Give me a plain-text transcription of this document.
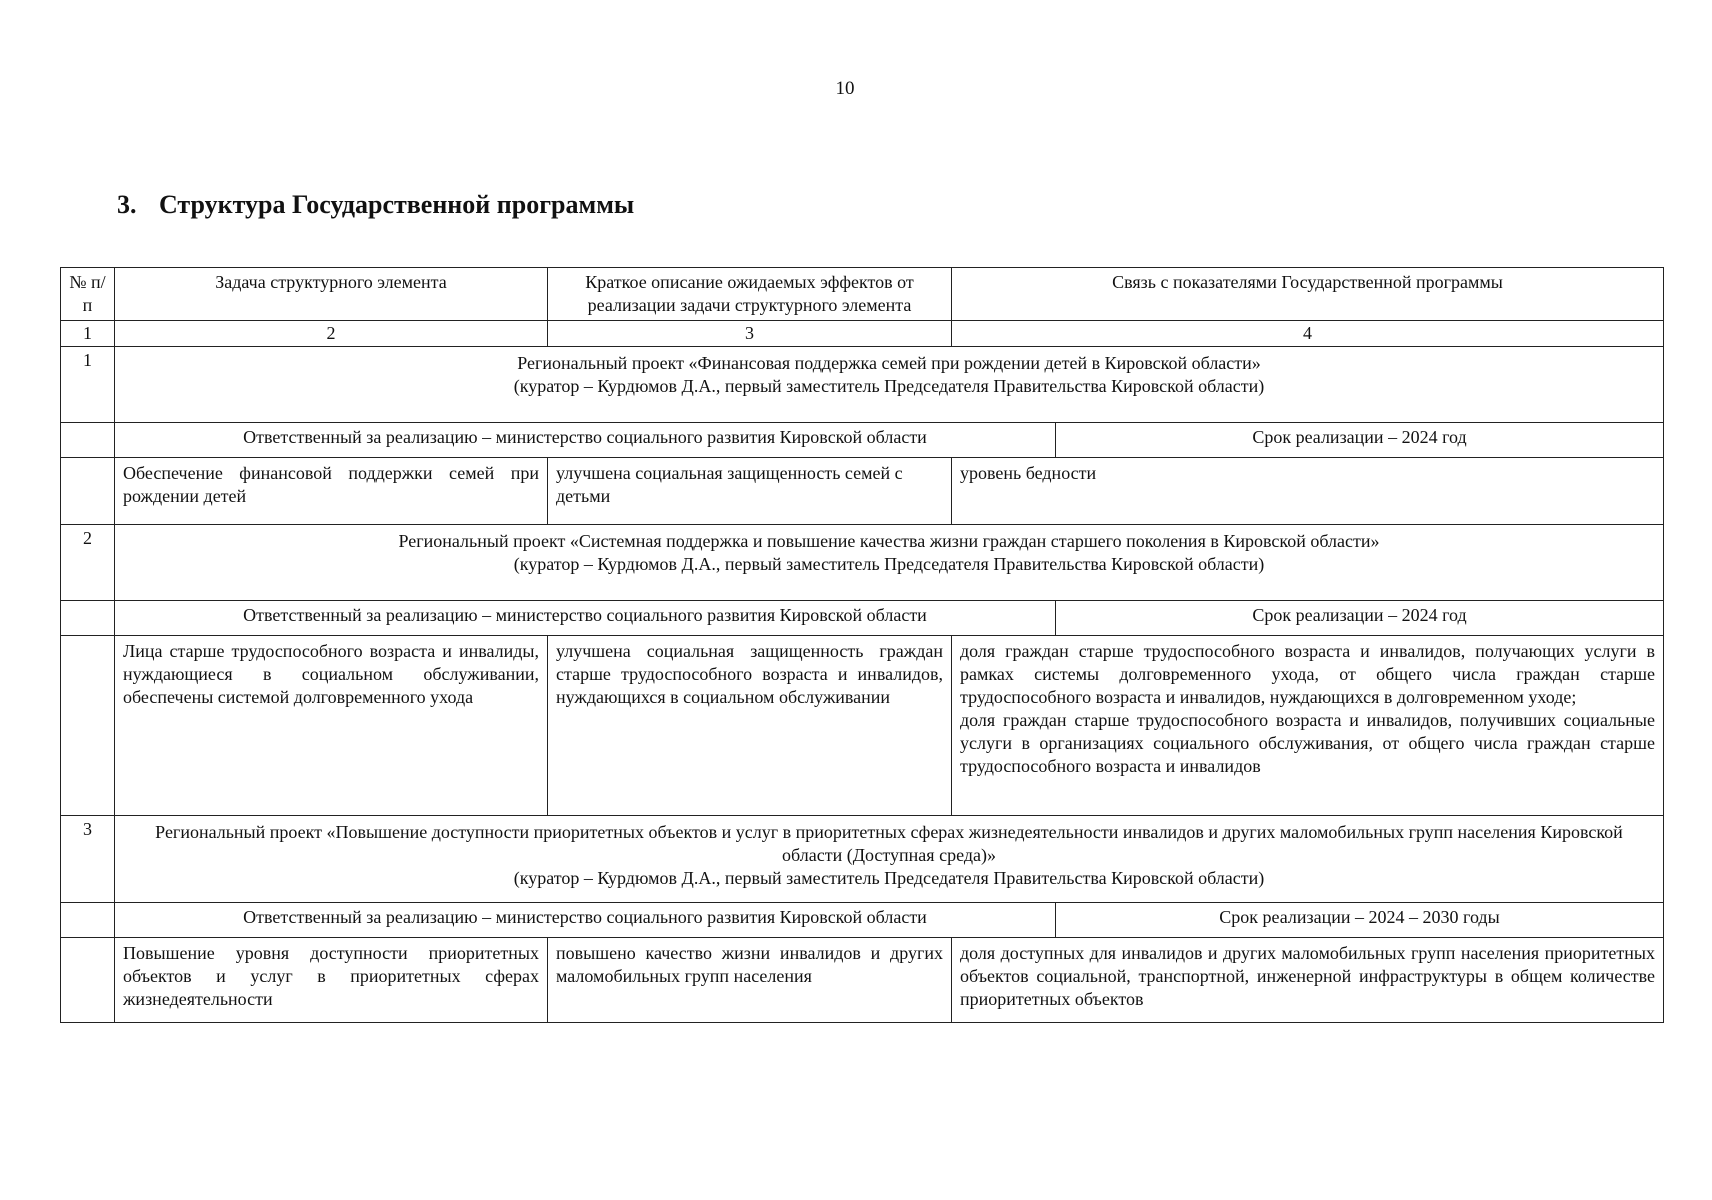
10
3. Структура Государственной программы
№ п/п	Задача структурного элемента	Краткое описание ожидаемых эффектов от реализации задачи структурного элемента	Связь с показателями Государственной программы	
1	2	3	4	
1	Региональный проект «Финансовая поддержка семей при рождении детей в Кировской области»
(куратор – Курдюмов Д.А., первый заместитель Председателя Правительства Кировской области)			

	Ответственный за реализацию – министерство социального развития Кировской области			Срок реализации – 2024 год
	Обеспечение финансовой поддержки семей при рождении детей	улучшена социальная защищенность семей с детьми	уровень бедности	

2	Региональный проект «Системная поддержка и повышение качества жизни граждан старшего поколения в Кировской области»
(куратор – Курдюмов Д.А., первый заместитель Председателя Правительства Кировской области)			

	Ответственный за реализацию – министерство социального развития Кировской области			Срок реализации – 2024 год
	Лица старше трудоспособного возраста и инвалиды, нуждающиеся в социальном обслуживании, обеспечены системой долговременного ухода	улучшена социальная защищенность граждан старше трудоспособного возраста и инвалидов, нуждающихся в социальном обслуживании	доля граждан старше трудоспособного возраста и инвалидов, получающих услуги в рамках системы долговременного ухода, от общего числа граждан старше трудоспособного возраста и инвалидов, нуждающихся в долговременном уходе;
доля граждан старше трудоспособного возраста и инвалидов, получивших социальные услуги в организациях социального обслуживания, от общего числа граждан старше трудоспособного возраста и инвалидов	

3	Региональный проект «Повышение доступности приоритетных объектов и услуг в приоритетных сферах жизнедеятельности инвалидов и других маломобильных групп населения Кировской области (Доступная среда)»
(куратор – Курдюмов Д.А., первый заместитель Председателя Правительства Кировской области)			

	Ответственный за реализацию – министерство социального развития Кировской области			Срок реализации – 2024 – 2030 годы
	Повышение уровня доступности приоритетных объектов и услуг в приоритетных сферах жизнедеятельности	повышено качество жизни инвалидов и других маломобильных групп населения	доля доступных для инвалидов и других маломобильных групп населения приоритетных объектов социальной, транспортной, инженерной инфраструктуры в общем количестве приоритетных объектов	
